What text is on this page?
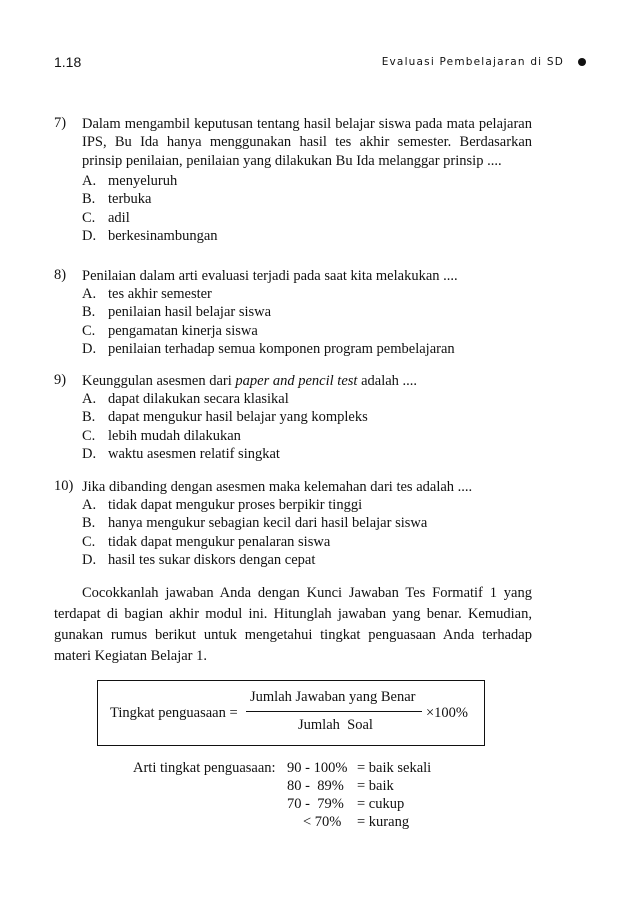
1.18	Evaluasi Pembelajaran di SD
7) Dalam mengambil keputusan tentang hasil belajar siswa pada mata pelajaran IPS, Bu Ida hanya menggunakan hasil tes akhir semester. Berdasarkan prinsip penilaian, penilaian yang dilakukan Bu Ida melanggar prinsip ....
A. menyeluruh
B. terbuka
C. adil
D. berkesinambungan
8) Penilaian dalam arti evaluasi terjadi pada saat kita melakukan ....
A. tes akhir semester
B. penilaian hasil belajar siswa
C. pengamatan kinerja siswa
D. penilaian terhadap semua komponen program pembelajaran
9) Keunggulan asesmen dari paper and pencil test adalah ....
A. dapat dilakukan secara klasikal
B. dapat mengukur hasil belajar yang kompleks
C. lebih mudah dilakukan
D. waktu asesmen relatif singkat
10) Jika dibanding dengan asesmen maka kelemahan dari tes adalah ....
A. tidak dapat mengukur proses berpikir tinggi
B. hanya mengukur sebagian kecil dari hasil belajar siswa
C. tidak dapat mengukur penalaran siswa
D. hasil tes sukar diskors dengan cepat
Cocokkanlah jawaban Anda dengan Kunci Jawaban Tes Formatif 1 yang terdapat di bagian akhir modul ini. Hitunglah jawaban yang benar. Kemudian, gunakan rumus berikut untuk mengetahui tingkat penguasaan Anda terhadap materi Kegiatan Belajar 1.
Tingkat penguasaan =
Jumlah Jawaban yang Benar
Jumlah  Soal
×100%
Arti tingkat penguasaan: 90 - 100% = baik sekali
80 -  89% = baik
70 -  79% = cukup
< 70% = kurang
